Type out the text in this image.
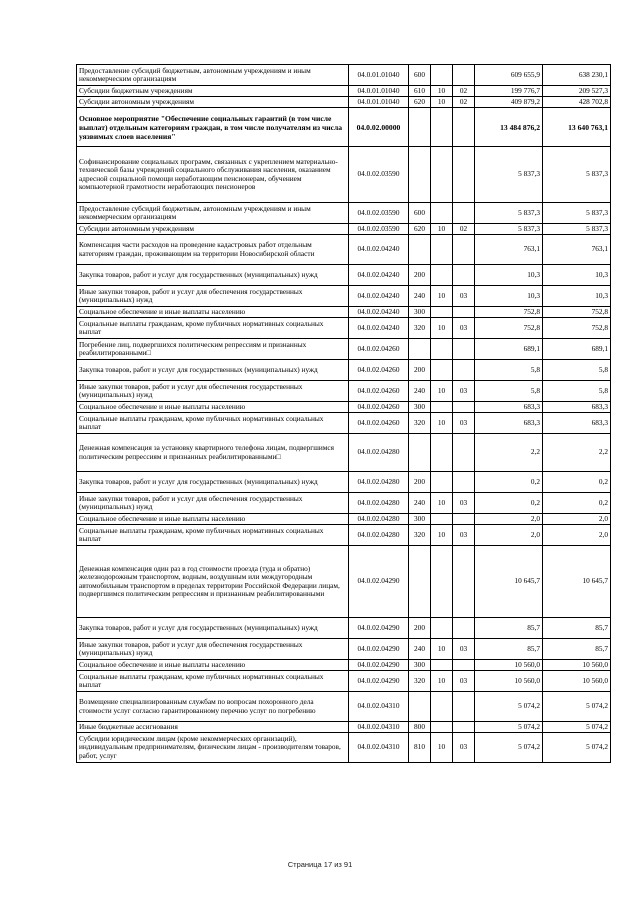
Предоставление субсидий бюджетным, автономным учреждениям и иным некоммерческим организациям	04.0.01.01040	600			609 655,9	638 230,1
Субсидии бюджетным учреждениям	04.0.01.01040	610	10	02	199 776,7	209 527,3
Субсидии автономным учреждениям	04.0.01.01040	620	10	02	409 879,2	428 702,8
Основное мероприятие "Обеспечение социальных гарантий (в том числе выплат) отдельным категориям граждан, в том числе получателям из числа уязвимых слоев населения"	04.0.02.00000				13 484 876,2	13 640 763,1
Софинансирование социальных программ, связанных с укреплением материально-технической базы учреждений социального обслуживания населения, оказанием адресной социальной помощи неработающим пенсионерам, обучением компьютерной грамотности неработающих пенсионеров	04.0.02.03590				5 837,3	5 837,3
Предоставление субсидий бюджетным, автономным учреждениям и иным некоммерческим организациям	04.0.02.03590	600			5 837,3	5 837,3
Субсидии автономным учреждениям	04.0.02.03590	620	10	02	5 837,3	5 837,3
Компенсация части расходов на проведение кадастровых работ отдельным категориям граждан, проживающим на территории Новосибирской области	04.0.02.04240				763,1	763,1
Закупка товаров, работ и услуг для государственных (муниципальных) нужд	04.0.02.04240	200			10,3	10,3
Иные закупки товаров, работ и услуг для обеспечения государственных (муниципальных) нужд	04.0.02.04240	240	10	03	10,3	10,3
Социальное обеспечение и иные выплаты населению	04.0.02.04240	300			752,8	752,8
Социальные выплаты гражданам, кроме публичных нормативных социальных выплат	04.0.02.04240	320	10	03	752,8	752,8
Погребение лиц, подвергшихся политическим репрессиям и признанных реабилитированными□	04.0.02.04260				689,1	689,1
Закупка товаров, работ и услуг для государственных (муниципальных) нужд	04.0.02.04260	200			5,8	5,8
Иные закупки товаров, работ и услуг для обеспечения государственных (муниципальных) нужд	04.0.02.04260	240	10	03	5,8	5,8
Социальное обеспечение и иные выплаты населению	04.0.02.04260	300			683,3	683,3
Социальные выплаты гражданам, кроме публичных нормативных социальных выплат	04.0.02.04260	320	10	03	683,3	683,3
Денежная компенсация за установку квартирного телефона лицам, подвергшимся политическим репрессиям и признанных реабилитированными□	04.0.02.04280				2,2	2,2
Закупка товаров, работ и услуг для государственных (муниципальных) нужд	04.0.02.04280	200			0,2	0,2
Иные закупки товаров, работ и услуг для обеспечения государственных (муниципальных) нужд	04.0.02.04280	240	10	03	0,2	0,2
Социальное обеспечение и иные выплаты населению	04.0.02.04280	300			2,0	2,0
Социальные выплаты гражданам, кроме публичных нормативных социальных выплат	04.0.02.04280	320	10	03	2,0	2,0
Денежная компенсация один раз в год стоимости проезда (туда и обратно) железнодорожным транспортом, водным, воздушным или междугородным автомобильным транспортом в пределах территории Российской Федерации лицам, подвергшимся политическим репрессиям и признанным реабилитированными	04.0.02.04290				10 645,7	10 645,7
Закупка товаров, работ и услуг для государственных (муниципальных) нужд	04.0.02.04290	200			85,7	85,7
Иные закупки товаров, работ и услуг для обеспечения государственных (муниципальных) нужд	04.0.02.04290	240	10	03	85,7	85,7
Социальное обеспечение и иные выплаты населению	04.0.02.04290	300			10 560,0	10 560,0
Социальные выплаты гражданам, кроме публичных нормативных социальных выплат	04.0.02.04290	320	10	03	10 560,0	10 560,0
Возмещение специализированным службам по вопросам похоронного дела стоимости услуг согласно гарантированному перечню услуг по погребению	04.0.02.04310				5 074,2	5 074,2
Иные бюджетные ассигнования	04.0.02.04310	800			5 074,2	5 074,2
Субсидии юридическим лицам (кроме некоммерческих организаций), индивидуальным предпринимателям, физическим лицам - производителям товаров, работ, услуг	04.0.02.04310	810	10	03	5 074,2	5 074,2
Страница 17 из 91
